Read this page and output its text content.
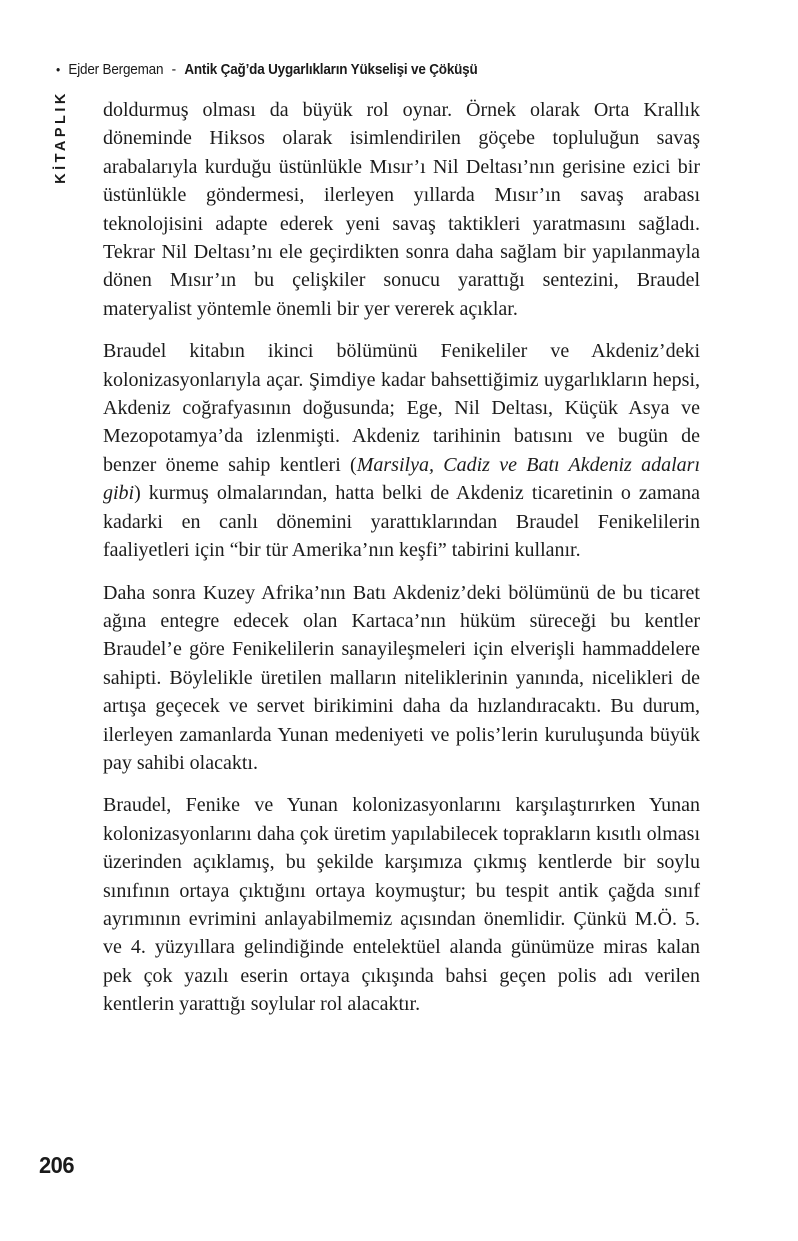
• Ejder Bergeman - Antik Çağ’da Uygarlıkların Yükselişi ve Çöküşü
KİTAPLIK doldurmuş olması da büyük rol oynar. Örnek olarak Orta Krallık döneminde Hiksos olarak isimlendirilen göçebe topluluğun savaş arabalarıyla kurduğu üstünlükle Mısır’ı Nil Deltası’nın gerisine ezici bir üstünlükle göndermesi, ilerleyen yıllarda Mısır’ın savaş arabası teknolojisini adapte ederek yeni savaş taktikleri yaratmasını sağladı. Tekrar Nil Deltası’nı ele geçirdikten sonra daha sağlam bir yapılanmayla dönen Mısır’ın bu çelişkiler sonucu yarattığı sentezini, Braudel materyalist yöntemle önemli bir yer vererek açıklar.

Braudel kitabın ikinci bölümünü Fenikeliler ve Akdeniz’deki kolonizasyonlarıyla açar. Şimdiye kadar bahsettiğimiz uygarlıkların hepsi, Akdeniz coğrafyasının doğusunda; Ege, Nil Deltası, Küçük Asya ve Mezopotamya’da izlenmişti. Akdeniz tarihinin batısını ve bugün de benzer öneme sahip kentleri (Marsilya, Cadiz ve Batı Akdeniz adaları gibi) kurmuş olmalarından, hatta belki de Akdeniz ticaretinin o zamana kadarki en canlı dönemini yarattıklarından Braudel Fenikelilerin faaliyetleri için “bir tür Amerika’nın keşfi” tabirini kullanır.

Daha sonra Kuzey Afrika’nın Batı Akdeniz’deki bölümünü de bu ticaret ağına entegre edecek olan Kartaca’nın hüküm süreceği bu kentler Braudel’e göre Fenikelilerin sanayileşmeleri için elverişli hammaddelere sahipti. Böylelikle üretilen malların niteliklerinin yanında, nicelikleri de artışa geçecek ve servet birikimini daha da hızlandıracaktı. Bu durum, ilerleyen zamanlarda Yunan medeniyeti ve polis’lerin kuruluşunda büyük pay sahibi olacaktı.

Braudel, Fenike ve Yunan kolonizasyonlarını karşılaştırırken Yunan kolonizasyonlarını daha çok üretim yapılabilecek toprakların kısıtlı olması üzerinden açıklamış, bu şekilde karşımıza çıkmış kentlerde bir soylu sınıfının ortaya çıktığını ortaya koymuştur; bu tespit antik çağda sınıf ayrımının evrimini anlayabilmemiz açısından önemlidir. Çünkü M.Ö. 5. ve 4. yüzyıllara gelindiğinde entelektüel alanda günümüze miras kalan pek çok yazılı eserin ortaya çıkışında bahsi geçen polis adı verilen kentlerin yarattığı soylular rol alacaktır.

206
